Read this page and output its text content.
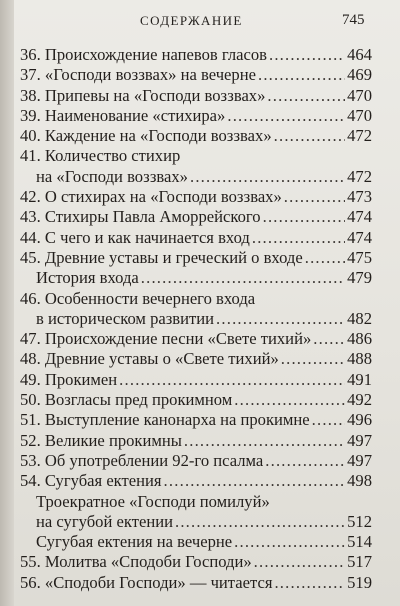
СОДЕРЖАНИЕ	745
36. Происхождение напевов гласов .....	464
37. «Господи воззвах» на вечерне .....	469
38. Припевы на «Господи воззвах» .....	470
39. Наименование «стихира» .....	470
40. Каждение на «Господи воззвах» .....	472
41. Количество стихир
на «Господи воззвах» .....	472
42. О стихирах на «Господи воззвах» .....	473
43. Стихиры Павла Аморрейского .....	474
44. С чего и как начинается вход .....	474
45. Древние уставы и греческий о входе .....	475
История входа .....	479
46. Особенности вечернего входа
в историческом развитии .....	482
47. Происхождение песни «Свете тихий» ..... 486
48. Древние уставы о «Свете тихий» .....	488
49. Прокимен .....	491
50. Возгласы пред прокимном .....	492
51. Выступление канонарха на прокимне ..... 496
52. Великие прокимны .....	497
53. Об употреблении 92-го псалма .....	497
54. Сугубая ектения .....	498
Троекратное «Господи помилуй»
на сугубой ектении .....	512
Сугубая ектения на вечерне .....	514
55. Молитва «Сподоби Господи» .....	517
56. «Сподоби Господи» — читается .....	519
